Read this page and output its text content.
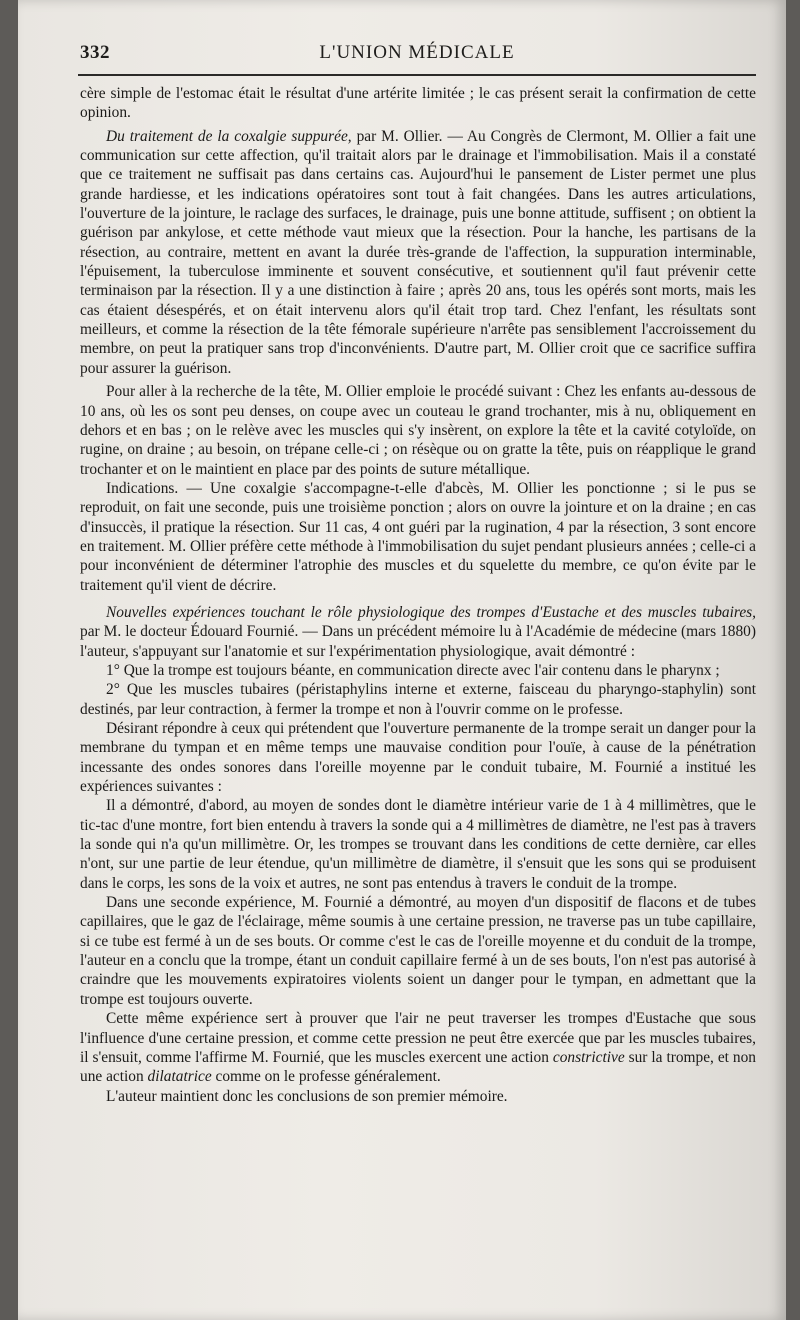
332	L'UNION MÉDICALE

cère simple de l'estomac était le résultat d'une artérite limitée ; le cas présent serait la confirmation de cette opinion.

Du traitement de la coxalgie suppurée, par M. Ollier. — Au Congrès de Clermont, M. Ollier a fait une communication sur cette affection, qu'il traitait alors par le drainage et l'immobilisation. Mais il a constaté que ce traitement ne suffisait pas dans certains cas. Aujourd'hui le pansement de Lister permet une plus grande hardiesse, et les indications opératoires sont tout à fait changées. Dans les autres articulations, l'ouverture de la jointure, le raclage des surfaces, le drainage, puis une bonne attitude, suffisent ; on obtient la guérison par ankylose, et cette méthode vaut mieux que la résection. Pour la hanche, les partisans de la résection, au contraire, mettent en avant la durée très-grande de l'affection, la suppuration interminable, l'épuisement, la tuberculose imminente et souvent consécutive, et soutiennent qu'il faut prévenir cette terminaison par la résection. Il y a une distinction à faire ; après 20 ans, tous les opérés sont morts, mais les cas étaient désespérés, et on était intervenu alors qu'il était trop tard. Chez l'enfant, les résultats sont meilleurs, et comme la résection de la tête fémorale supérieure n'arrête pas sensiblement l'accroissement du membre, on peut la pratiquer sans trop d'inconvénients. D'autre part, M. Ollier croit que ce sacrifice suffira pour assurer la guérison.

Pour aller à la recherche de la tête, M. Ollier emploie le procédé suivant : Chez les enfants au-dessous de 10 ans, où les os sont peu denses, on coupe avec un couteau le grand trochanter, mis à nu, obliquement en dehors et en bas ; on le relève avec les muscles qui s'y insèrent, on explore la tête et la cavité cotyloïde, on rugine, on draine ; au besoin, on trépane celle-ci ; on résèque ou on gratte la tête, puis on réapplique le grand trochanter et on le maintient en place par des points de suture métallique.

Indications. — Une coxalgie s'accompagne-t-elle d'abcès, M. Ollier les ponctionne ; si le pus se reproduit, on fait une seconde, puis une troisième ponction ; alors on ouvre la jointure et on la draine ; en cas d'insuccès, il pratique la résection. Sur 11 cas, 4 ont guéri par la rugination, 4 par la résection, 3 sont encore en traitement. M. Ollier préfère cette méthode à l'immobilisation du sujet pendant plusieurs années ; celle-ci a pour inconvénient de déterminer l'atrophie des muscles et du squelette du membre, ce qu'on évite par le traitement qu'il vient de décrire.

Nouvelles expériences touchant le rôle physiologique des trompes d'Eustache et des muscles tubaires, par M. le docteur Édouard Fournié. — Dans un précédent mémoire lu à l'Académie de médecine (mars 1880) l'auteur, s'appuyant sur l'anatomie et sur l'expérimentation physiologique, avait démontré :

1° Que la trompe est toujours béante, en communication directe avec l'air contenu dans le pharynx ;

2° Que les muscles tubaires (péristaphylins interne et externe, faisceau du pharyngo-staphylin) sont destinés, par leur contraction, à fermer la trompe et non à l'ouvrir comme on le professe.

Désirant répondre à ceux qui prétendent que l'ouverture permanente de la trompe serait un danger pour la membrane du tympan et en même temps une mauvaise condition pour l'ouïe, à cause de la pénétration incessante des ondes sonores dans l'oreille moyenne par le conduit tubaire, M. Fournié a institué les expériences suivantes :

Il a démontré, d'abord, au moyen de sondes dont le diamètre intérieur varie de 1 à 4 millimètres, que le tic-tac d'une montre, fort bien entendu à travers la sonde qui a 4 millimètres de diamètre, ne l'est pas à travers la sonde qui n'a qu'un millimètre. Or, les trompes se trouvant dans les conditions de cette dernière, car elles n'ont, sur une partie de leur étendue, qu'un millimètre de diamètre, il s'ensuit que les sons qui se produisent dans le corps, les sons de la voix et autres, ne sont pas entendus à travers le conduit de la trompe.

Dans une seconde expérience, M. Fournié a démontré, au moyen d'un dispositif de flacons et de tubes capillaires, que le gaz de l'éclairage, même soumis à une certaine pression, ne traverse pas un tube capillaire, si ce tube est fermé à un de ses bouts. Or comme c'est le cas de l'oreille moyenne et du conduit de la trompe, l'auteur en a conclu que la trompe, étant un conduit capillaire fermé à un de ses bouts, l'on n'est pas autorisé à craindre que les mouvements expiratoires violents soient un danger pour le tympan, en admettant que la trompe est toujours ouverte.

Cette même expérience sert à prouver que l'air ne peut traverser les trompes d'Eustache que sous l'influence d'une certaine pression, et comme cette pression ne peut être exercée que par les muscles tubaires, il s'ensuit, comme l'affirme M. Fournié, que les muscles exercent une action constrictive sur la trompe, et non une action dilatatrice comme on le professe généralement.

L'auteur maintient donc les conclusions de son premier mémoire.
